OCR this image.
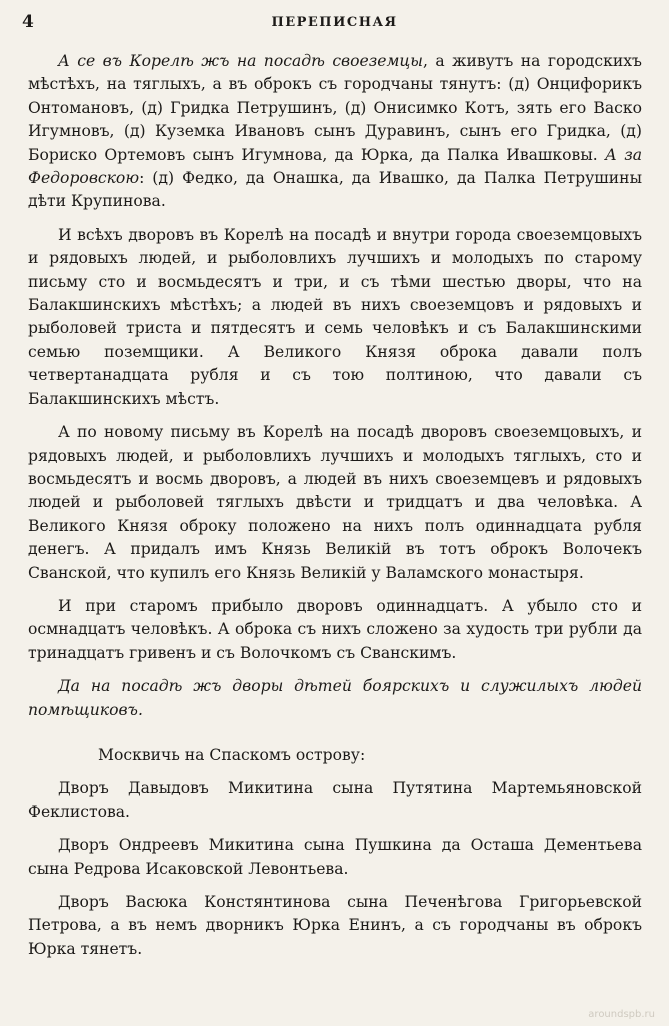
4	ПЕРЕПИСНАЯ

А се въ Корелѣ жъ на посадѣ своеземцы, а живутъ на городскихъ мѣстѣхъ, на тяглыхъ, а въ оброкъ съ городчаны тянутъ: (д) Онцифорикъ Онтомановъ, (д) Гридка Петрушинъ, (д) Онисимко Котъ, зять его Васко Игумновъ, (д) Куземка Ивановъ сынъ Дуравинъ, сынъ его Гридка, (д) Бориско Ортемовъ сынъ Игумнова, да Юрка, да Палка Ивашковы. А за Федоровскою: (д) Федко, да Онашка, да Ивашко, да Палка Петрушины дѣти Крупинова.

И всѣхъ дворовъ въ Корелѣ на посадѣ и внутри города своеземцовыхъ и рядовыхъ людей, и рыболовлихъ лучшихъ и молодыхъ по старому письму сто и восмьдесятъ и три, и съ тѣми шестью дворы, что на Балакшинскихъ мѣстѣхъ; а людей въ нихъ своеземцовъ и рядовыхъ и рыболовей триста и пятдесятъ и семь человѣкъ и съ Балакшинскими семью поземщики. А Великого Князя оброка давали полъ четвертанадцата рубля и съ тою полтиною, что давали съ Балакшинскихъ мѣстъ.

А по новому письму въ Корелѣ на посадѣ дворовъ своеземцовыхъ, и рядовыхъ людей, и рыболовлихъ лучшихъ и молодыхъ тяглыхъ, сто и восмьдесятъ и восмь дворовъ, а людей въ нихъ своеземцевъ и рядовыхъ людей и рыболовей тяглыхъ двѣсти и тридцатъ и два человѣка. А Великого Князя оброку положено на нихъ полъ одиннадцата рубля денегъ. А придалъ имъ Князь Великій въ тотъ оброкъ Волочекъ Сванской, что купилъ его Князь Великій у Валамского монастыря.

И при старомъ прибыло дворовъ одиннадцатъ. А убыло сто и осмнадцатъ человѣкъ. А оброка съ нихъ сложено за худость три рубли да тринадцатъ гривенъ и съ Волочкомъ съ Сванскимъ.

Да на посадѣ жъ дворы дѣтей боярскихъ и служилыхъ людей помѣщиковъ.

Москвичь на Спаскомъ острову:

Дворъ Давыдовъ Микитина сына Путятина Мартемьяновской Феклистова.

Дворъ Ондреевъ Микитина сына Пушкина да Осташа Дементьева сына Редрова Исаковской Левонтьева.

Дворъ Васюка Констянтинова сына Печенѣгова Григорьевской Петрова, а въ немъ дворникъ Юрка Енинъ, а съ городчаны въ оброкъ Юрка тянетъ.

aroundspb.ru
